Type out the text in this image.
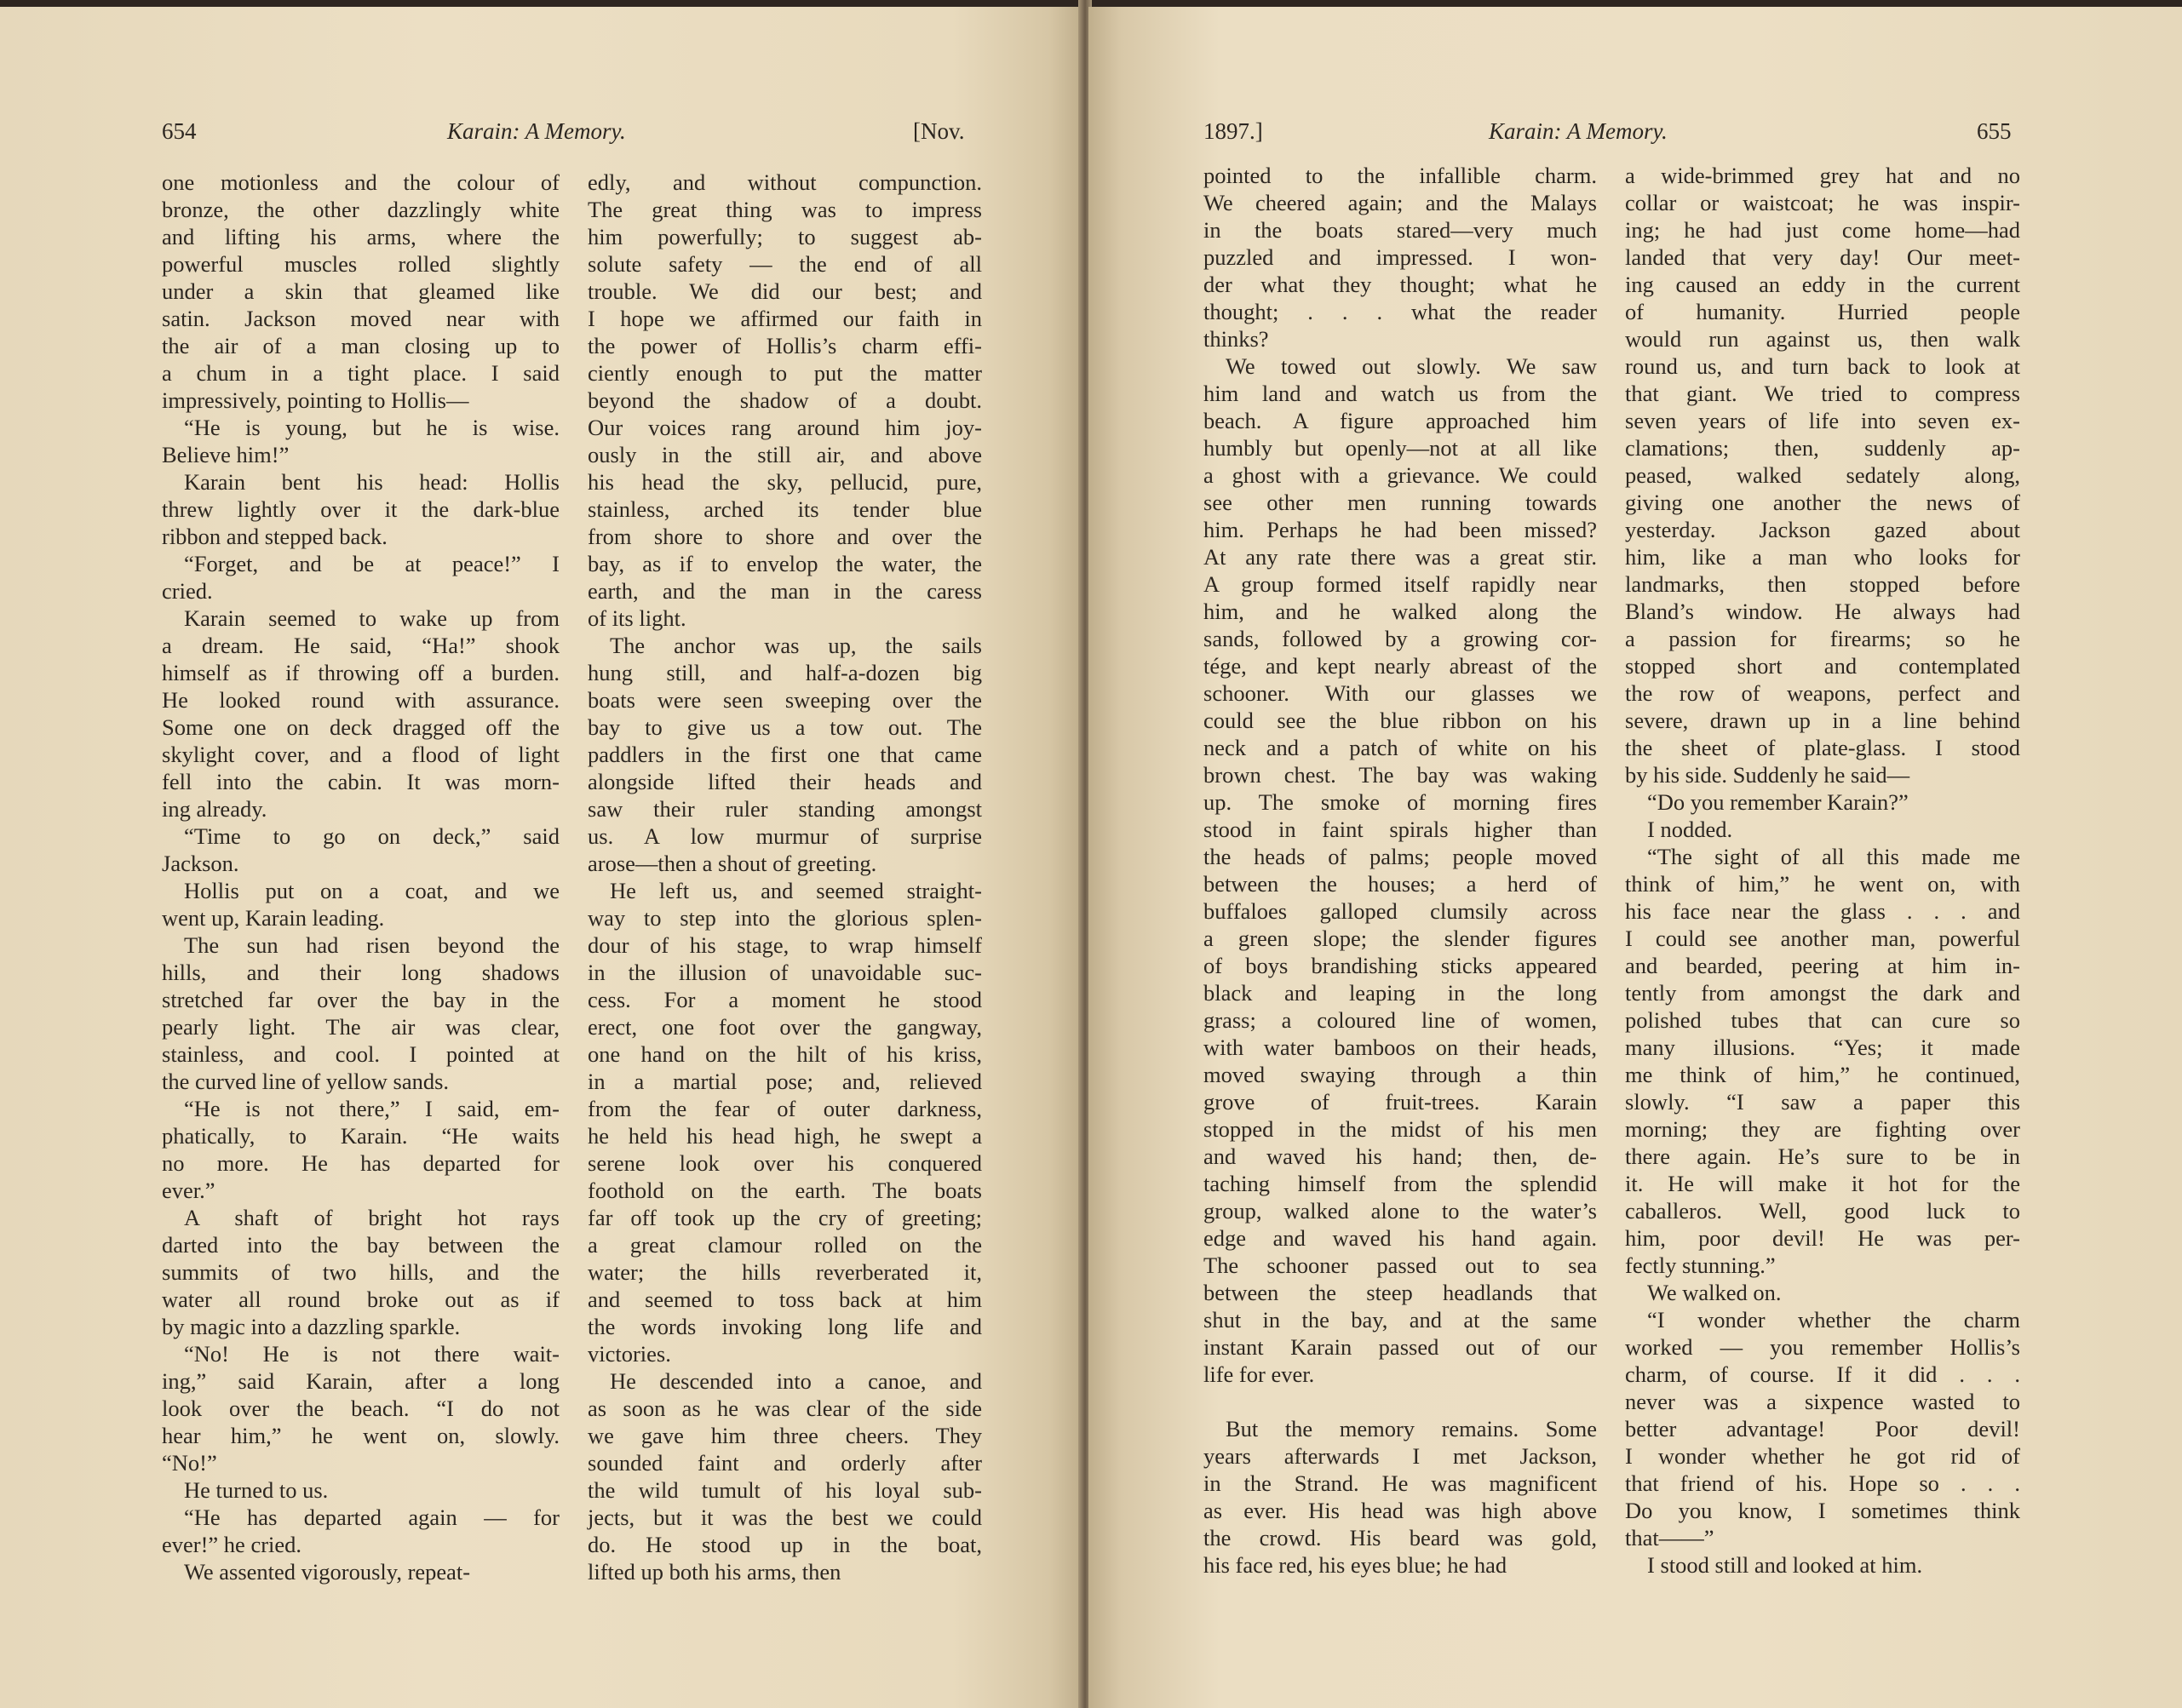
654	Karain: A Memory.	[Nov.

one motionless and the colour of
bronze, the other dazzlingly white
and lifting his arms, where the
powerful muscles rolled slightly
under a skin that gleamed like
satin. Jackson moved near with
the air of a man closing up to
a chum in a tight place. I said
impressively, pointing to Hollis—

“He is young, but he is wise.
Believe him!”

Karain bent his head: Hollis
threw lightly over it the dark-blue
ribbon and stepped back.

“Forget, and be at peace!” I
cried.

Karain seemed to wake up from
a dream. He said, “Ha!” shook
himself as if throwing off a burden.
He looked round with assurance.
Some one on deck dragged off the
skylight cover, and a flood of light
fell into the cabin. It was morn-
ing already.

“Time to go on deck,” said
Jackson.

Hollis put on a coat, and we
went up, Karain leading.

The sun had risen beyond the
hills, and their long shadows
stretched far over the bay in the
pearly light. The air was clear,
stainless, and cool. I pointed at
the curved line of yellow sands.

“He is not there,” I said, em-
phatically, to Karain. “He waits
no more. He has departed for
ever.”

A shaft of bright hot rays
darted into the bay between the
summits of two hills, and the
water all round broke out as if
by magic into a dazzling sparkle.

“No! He is not there wait-
ing,” said Karain, after a long
look over the beach. “I do not
hear him,” he went on, slowly.
“No!”

He turned to us.

“He has departed again — for
ever!” he cried.

We assented vigorously, repeat-

edly, and without compunction.
The great thing was to impress
him powerfully; to suggest ab-
solute safety — the end of all
trouble. We did our best; and
I hope we affirmed our faith in
the power of Hollis’s charm effi-
ciently enough to put the matter
beyond the shadow of a doubt.
Our voices rang around him joy-
ously in the still air, and above
his head the sky, pellucid, pure,
stainless, arched its tender blue
from shore to shore and over the
bay, as if to envelop the water, the
earth, and the man in the caress
of its light.

The anchor was up, the sails
hung still, and half-a-dozen big
boats were seen sweeping over the
bay to give us a tow out. The
paddlers in the first one that came
alongside lifted their heads and
saw their ruler standing amongst
us. A low murmur of surprise
arose—then a shout of greeting.

He left us, and seemed straight-
way to step into the glorious splen-
dour of his stage, to wrap himself
in the illusion of unavoidable suc-
cess. For a moment he stood
erect, one foot over the gangway,
one hand on the hilt of his kriss,
in a martial pose; and, relieved
from the fear of outer darkness,
he held his head high, he swept a
serene look over his conquered
foothold on the earth. The boats
far off took up the cry of greeting;
a great clamour rolled on the
water; the hills reverberated it,
and seemed to toss back at him
the words invoking long life and
victories.

He descended into a canoe, and
as soon as he was clear of the side
we gave him three cheers. They
sounded faint and orderly after
the wild tumult of his loyal sub-
jects, but it was the best we could
do. He stood up in the boat,
lifted up both his arms, then

1897.]	Karain: A Memory.	655

pointed to the infallible charm.
We cheered again; and the Malays
in the boats stared—very much
puzzled and impressed. I won-
der what they thought; what he
thought; . . . what the reader
thinks?

We towed out slowly. We saw
him land and watch us from the
beach. A figure approached him
humbly but openly—not at all like
a ghost with a grievance. We could
see other men running towards
him. Perhaps he had been missed?
At any rate there was a great stir.
A group formed itself rapidly near
him, and he walked along the
sands, followed by a growing cor-
tége, and kept nearly abreast of the
schooner. With our glasses we
could see the blue ribbon on his
neck and a patch of white on his
brown chest. The bay was waking
up. The smoke of morning fires
stood in faint spirals higher than
the heads of palms; people moved
between the houses; a herd of
buffaloes galloped clumsily across
a green slope; the slender figures
of boys brandishing sticks appeared
black and leaping in the long
grass; a coloured line of women,
with water bamboos on their heads,
moved swaying through a thin
grove of fruit-trees. Karain
stopped in the midst of his men
and waved his hand; then, de-
taching himself from the splendid
group, walked alone to the water’s
edge and waved his hand again.
The schooner passed out to sea
between the steep headlands that
shut in the bay, and at the same
instant Karain passed out of our
life for ever.

But the memory remains. Some
years afterwards I met Jackson,
in the Strand. He was magnificent
as ever. His head was high above
the crowd. His beard was gold,
his face red, his eyes blue; he had

a wide-brimmed grey hat and no
collar or waistcoat; he was inspir-
ing; he had just come home—had
landed that very day! Our meet-
ing caused an eddy in the current
of humanity. Hurried people
would run against us, then walk
round us, and turn back to look at
that giant. We tried to compress
seven years of life into seven ex-
clamations; then, suddenly ap-
peased, walked sedately along,
giving one another the news of
yesterday. Jackson gazed about
him, like a man who looks for
landmarks, then stopped before
Bland’s window. He always had
a passion for firearms; so he
stopped short and contemplated
the row of weapons, perfect and
severe, drawn up in a line behind
the sheet of plate-glass. I stood
by his side. Suddenly he said—

“Do you remember Karain?”

I nodded.

“The sight of all this made me
think of him,” he went on, with
his face near the glass . . . and
I could see another man, powerful
and bearded, peering at him in-
tently from amongst the dark and
polished tubes that can cure so
many illusions. “Yes; it made
me think of him,” he continued,
slowly. “I saw a paper this
morning; they are fighting over
there again. He’s sure to be in
it. He will make it hot for the
caballeros. Well, good luck to
him, poor devil! He was per-
fectly stunning.”

We walked on.

“I wonder whether the charm
worked — you remember Hollis’s
charm, of course. If it did . . .
never was a sixpence wasted to
better advantage! Poor devil!
I wonder whether he got rid of
that friend of his. Hope so . . .
Do you know, I sometimes think
that——”

I stood still and looked at him.
